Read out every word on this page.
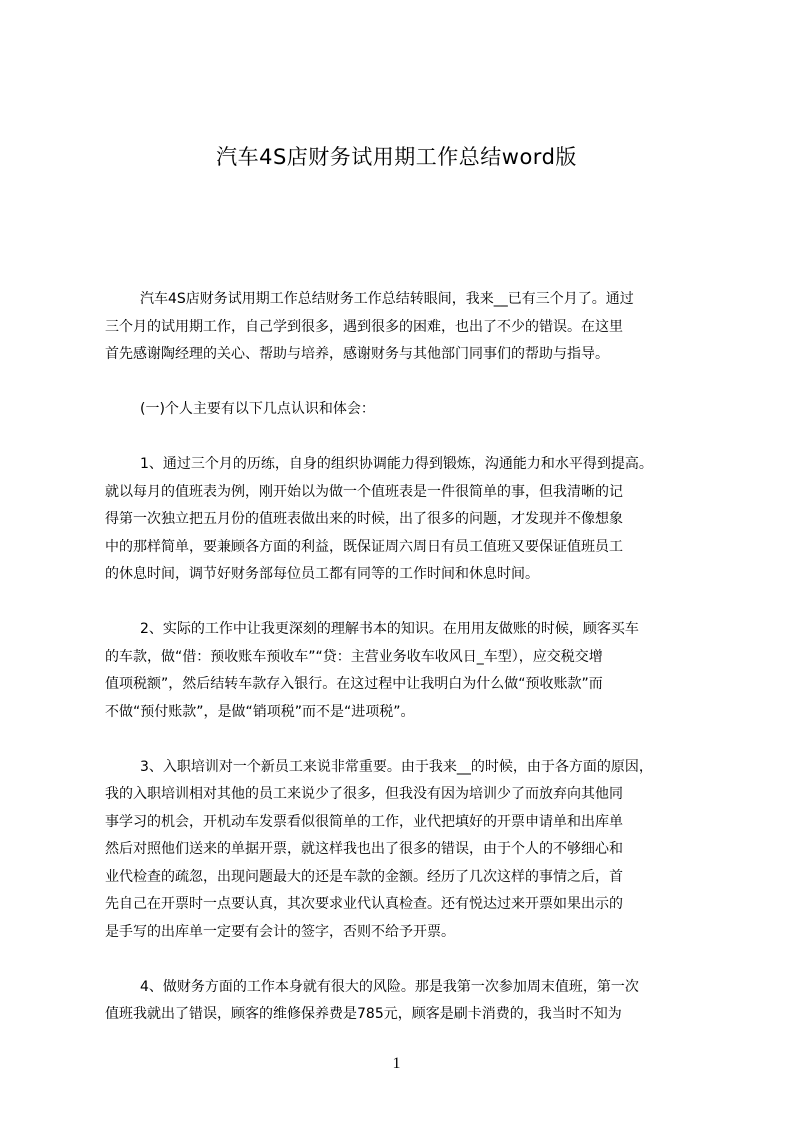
汽车4S店财务试用期工作总结word版
汽车4S店财务试用期工作总结财务工作总结转眼间，我来__已有三个月了。通过
三个月的试用期工作，自己学到很多，遇到很多的困难，也出了不少的错误。在这里
首先感谢陶经理的关心、帮助与培养，感谢财务与其他部门同事们的帮助与指导。
(一)个人主要有以下几点认识和体会：
1、通过三个月的历练，自身的组织协调能力得到锻炼，沟通能力和水平得到提高。
就以每月的值班表为例，刚开始以为做一个值班表是一件很简单的事，但我清晰的记
得第一次独立把五月份的值班表做出来的时候，出了很多的问题，才发现并不像想象
中的那样简单，要兼顾各方面的利益，既保证周六周日有员工值班又要保证值班员工
的休息时间，调节好财务部每位员工都有同等的工作时间和休息时间。
2、实际的工作中让我更深刻的理解书本的知识。在用用友做账的时候，顾客买车
的车款，做“借：预收账车预收车”“贷：主营业务收车收风日_车型），应交税交增
值项税额”，然后结转车款存入银行。在这过程中让我明白为什么做“预收账款”而
不做“预付账款”，是做“销项税”而不是“进项税”。
3、入职培训对一个新员工来说非常重要。由于我来__的时候，由于各方面的原因，
我的入职培训相对其他的员工来说少了很多，但我没有因为培训少了而放弃向其他同
事学习的机会，开机动车发票看似很简单的工作，业代把填好的开票申请单和出库单
然后对照他们送来的单据开票，就这样我也出了很多的错误，由于个人的不够细心和
业代检查的疏忽，出现问题最大的还是车款的金额。经历了几次这样的事情之后，首
先自己在开票时一点要认真，其次要求业代认真检查。还有悦达过来开票如果出示的
是手写的出库单一定要有会计的签字，否则不给予开票。
4、做财务方面的工作本身就有很大的风险。那是我第一次参加周末值班，第一次
值班我就出了错误，顾客的维修保养费是785元，顾客是刷卡消费的，我当时不知为
1
